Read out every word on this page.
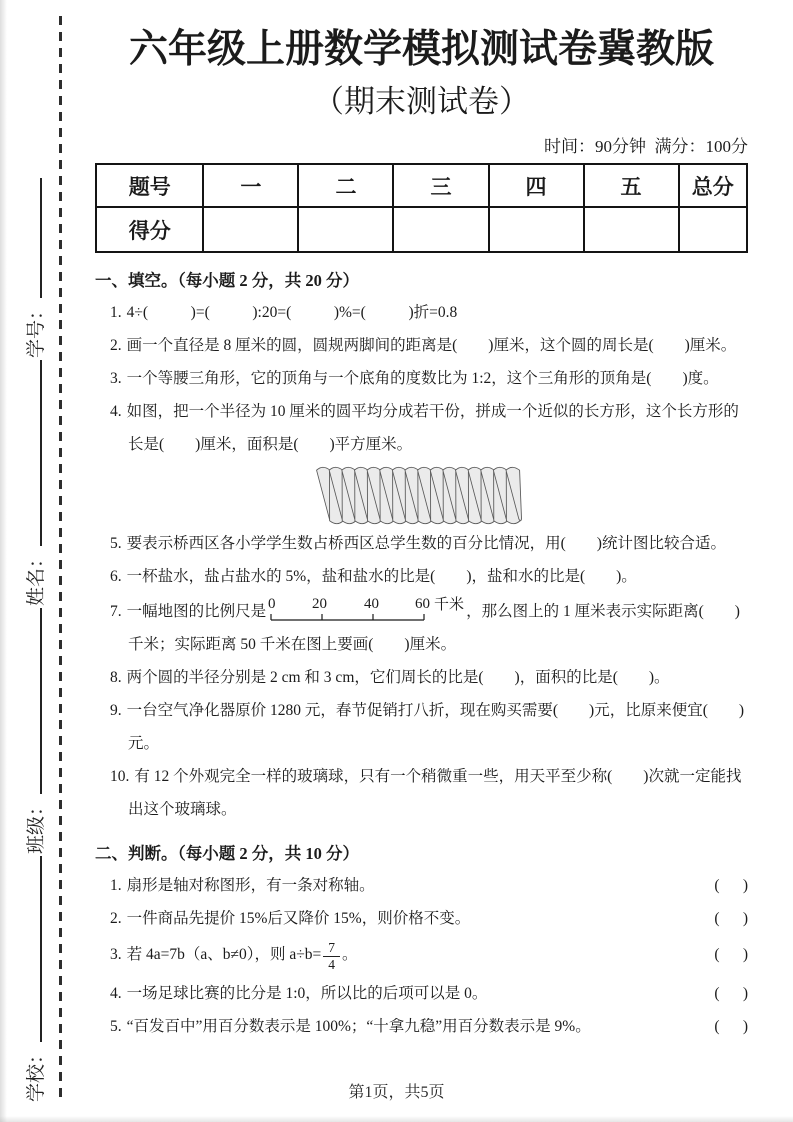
学校：班级：姓名：学号：
六年级上册数学模拟测试卷冀教版
（期末测试卷）
时间：90分钟  满分：100分
题号	一	二	三	四	五	总分
得分						
一、填空。（每小题 2 分，共 20 分）
1. 4÷(           )=(           ):20=(           )%=(           )折=0.8
2. 画一个直径是 8 厘米的圆，圆规两脚间的距离是(        )厘米，这个圆的周长是(        )厘米。
3. 一个等腰三角形，它的顶角与一个底角的度数比为 1:2，这个三角形的顶角是(        )度。
4. 如图，把一个半径为 10 厘米的圆平均分成若干份，拼成一个近似的长方形，这个长方形的长是(        )厘米，面积是(        )平方厘米。
5. 要表示桥西区各小学学生数占桥西区总学生数的百分比情况，用(        )统计图比较合适。
6. 一杯盐水，盐占盐水的 5%，盐和盐水的比是(        )，盐和水的比是(        )。
7. 一幅地图的比例尺是 0 20 40 60 千米 ，那么图上的 1 厘米表示实际距离(        )千米；实际距离 50 千米在图上要画(        )厘米。
8. 两个圆的半径分别是 2 cm 和 3 cm，它们周长的比是(        )，面积的比是(        )。
9. 一台空气净化器原价 1280 元，春节促销打八折，现在购买需要(        )元，比原来便宜(        )元。
10. 有 12 个外观完全一样的玻璃球，只有一个稍微重一些，用天平至少称(        )次就一定能找出这个玻璃球。
二、判断。（每小题 2 分，共 10 分）
1. 扇形是轴对称图形，有一条对称轴。	(      )
2. 一件商品先提价 15%后又降价 15%，则价格不变。	(      )
3. 若 4a=7b（a、b≠0），则 $a\div b= \frac{7}{4}$ 。	(      )
4. 一场足球比赛的比分是 1:0，所以比的后项可以是 0。	(      )
5. “百发百中”用百分数表示是 100%；“十拿九稳”用百分数表示是 9%。	(      )
第1页，共5页
